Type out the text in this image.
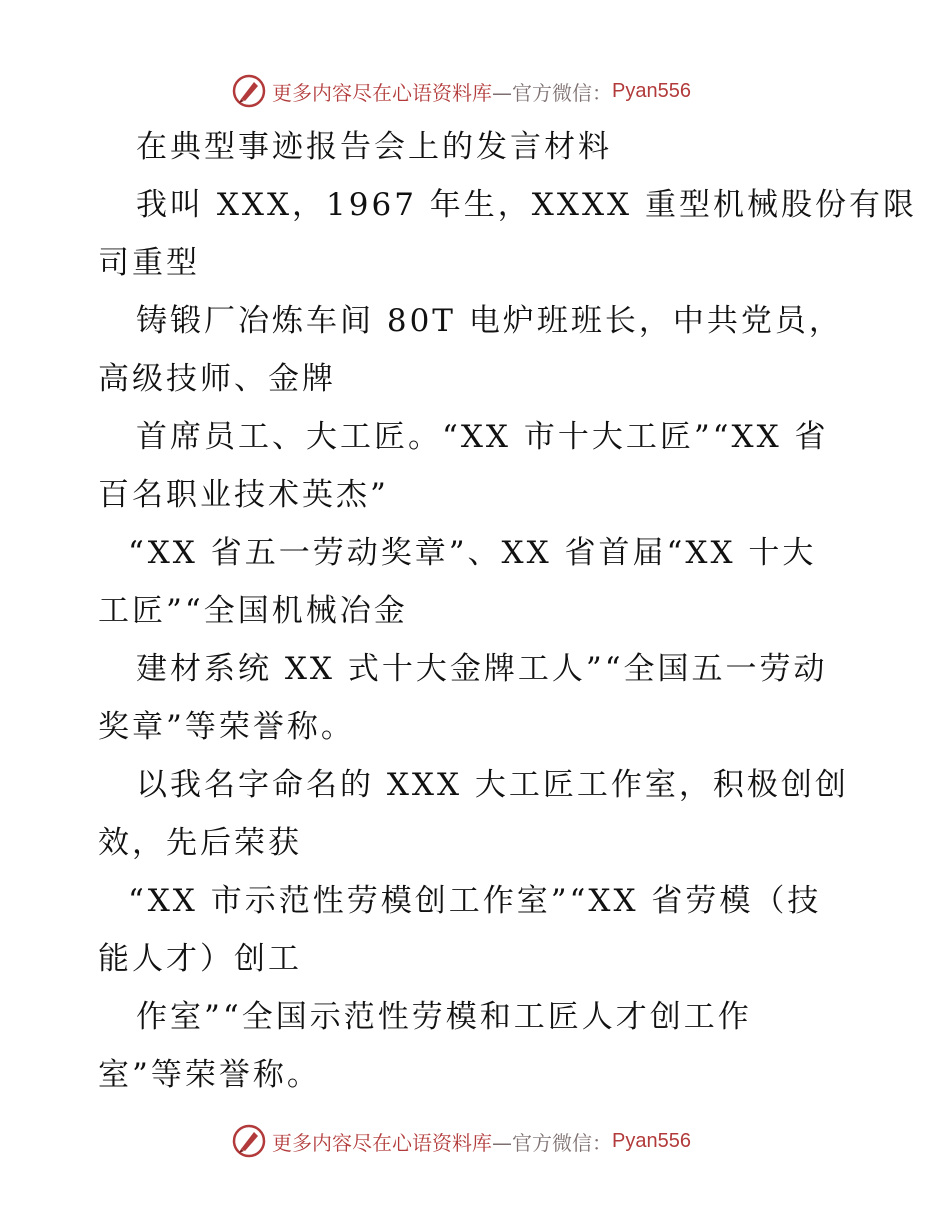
更多内容尽在心语资料库 —官方微信： Pyan556
在典型事迹报告会上的发言材料
我叫 XXX，1967 年生，XXXX 重型机械股份有限
司重型
铸锻厂冶炼车间 80T 电炉班班长，中共党员，
高级技师、金牌
首席员工、大工匠。“XX 市十大工匠”“XX 省
百名职业技术英杰”
“XX 省五一劳动奖章”、XX 省首届“XX 十大
工匠”“全国机械冶金
建材系统 XX 式十大金牌工人”“全国五一劳动
奖章”等荣誉称。
以我名字命名的 XXX 大工匠工作室，积极创创
效，先后荣获
“XX 市示范性劳模创工作室”“XX 省劳模（技
能人才）创工
作室”“全国示范性劳模和工匠人才创工作
室”等荣誉称。
更多内容尽在心语资料库 —官方微信： Pyan556
